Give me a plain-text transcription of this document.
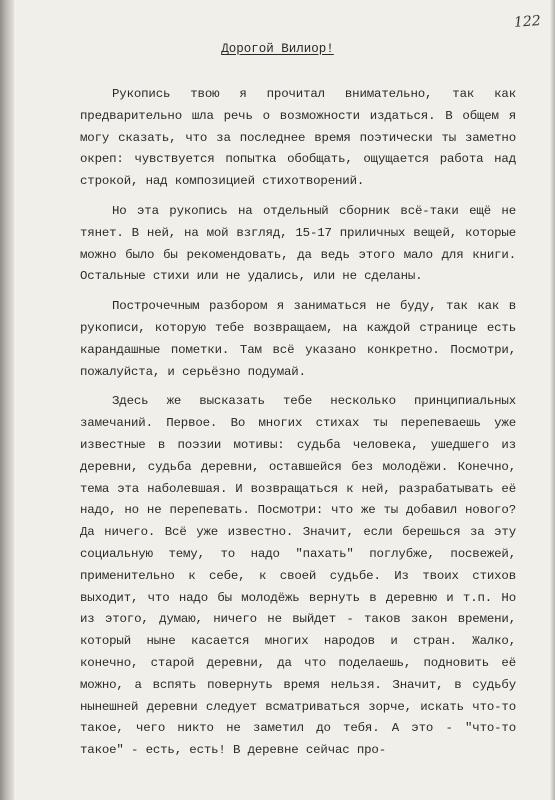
122
Дорогой Вилиор!

Рукопись твою я прочитал внимательно, так как предварительно шла речь о возможности издаться. В общем я могу сказать, что за последнее время поэтически ты заметно окреп: чувствуется попытка обобщать, ощущается работа над строкой, над композицией стихотворений.

Но эта рукопись на отдельный сборник всё-таки ещё не тянет. В ней, на мой взгляд, 15-17 приличных вещей, которые можно было бы рекомендовать, да ведь этого мало для книги. Остальные стихи или не удались, или не сделаны.

Построчечным разбором я заниматься не буду, так как в рукописи, которую тебе возвращаем, на каждой странице есть карандашные пометки. Там всё указано конкретно. Посмотри, пожалуйста, и серьёзно подумай.

Здесь же высказать тебе несколько принципиальных замечаний. Первое. Во многих стихах ты перепеваешь уже известные в поэзии мотивы: судьба человека, ушедшего из деревни, судьба деревни, оставшейся без молодёжи. Конечно, тема эта наболевшая. И возвращаться к ней, разрабатывать её надо, но не перепевать. Посмотри: что же ты добавил нового? Да ничего. Всё уже известно. Значит, если берешься за эту социальную тему, то надо "пахать" поглубже, посвежей, применительно к себе, к своей судьбе. Из твоих стихов выходит, что надо бы молодёжь вернуть в деревню и т.п. Но из этого, думаю, ничего не выйдет - таков закон времени, который ныне касается многих народов и стран. Жалко, конечно, старой деревни, да что поделаешь, подновить её можно, а вспять повернуть время нельзя. Значит, в судьбу нынешней деревни следует всматриваться зорче, искать что-то такое, чего никто не заметил до тебя. А это - "что-то такое" - есть, есть! В деревне сейчас про-
